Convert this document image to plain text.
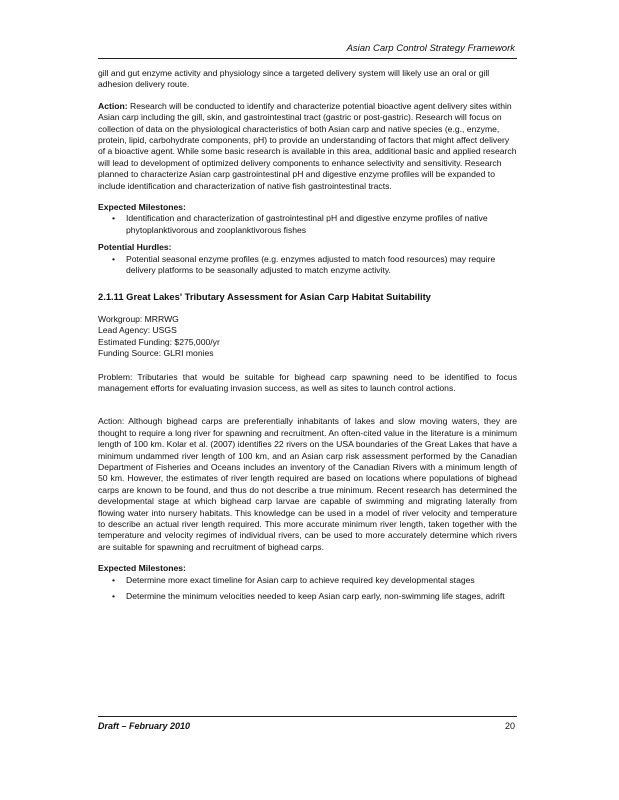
Asian Carp Control Strategy Framework

gill and gut enzyme activity and physiology since a targeted delivery system will likely use an oral or gill adhesion delivery route.

Action: Research will be conducted to identify and characterize potential bioactive agent delivery sites within Asian carp including the gill, skin, and gastrointestinal tract (gastric or post-gastric). Research will focus on collection of data on the physiological characteristics of both Asian carp and native species (e.g., enzyme, protein, lipid, carbohydrate components, pH) to provide an understanding of factors that might affect delivery of a bioactive agent. While some basic research is available in this area, additional basic and applied research will lead to development of optimized delivery components to enhance selectivity and sensitivity. Research planned to characterize Asian carp gastrointestinal pH and digestive enzyme profiles will be expanded to include identification and characterization of native fish gastrointestinal tracts.

Expected Milestones:

• Identification and characterization of gastrointestinal pH and digestive enzyme profiles of native phytoplanktivorous and zooplanktivorous fishes

Potential Hurdles:

• Potential seasonal enzyme profiles (e.g. enzymes adjusted to match food resources) may require delivery platforms to be seasonally adjusted to match enzyme activity.
2.1.11 Great Lakes' Tributary Assessment for Asian Carp Habitat Suitability

Workgroup: MRRWG

Lead Agency: USGS

Estimated Funding: $275,000/yr

Funding Source: GLRI monies

Problem: Tributaries that would be suitable for bighead carp spawning need to be identified to focus management efforts for evaluating invasion success, as well as sites to launch control actions.

Action: Although bighead carps are preferentially inhabitants of lakes and slow moving waters, they are thought to require a long river for spawning and recruitment. An often-cited value in the literature is a minimum length of 100 km. Kolar et al. (2007) identifies 22 rivers on the USA boundaries of the Great Lakes that have a minimum undammed river length of 100 km, and an Asian carp risk assessment performed by the Canadian Department of Fisheries and Oceans includes an inventory of the Canadian Rivers with a minimum length of 50 km. However, the estimates of river length required are based on locations where populations of bighead carps are known to be found, and thus do not describe a true minimum. Recent research has determined the developmental stage at which bighead carp larvae are capable of swimming and migrating laterally from flowing water into nursery habitats. This knowledge can be used in a model of river velocity and temperature to describe an actual river length required. This more accurate minimum river length, taken together with the temperature and velocity regimes of individual rivers, can be used to more accurately determine which rivers are suitable for spawning and recruitment of bighead carps.

Expected Milestones:

• Determine more exact timeline for Asian carp to achieve required key developmental stages
• Determine the minimum velocities needed to keep Asian carp early, non-swimming life stages, adrift
Draft – February 2010	20
